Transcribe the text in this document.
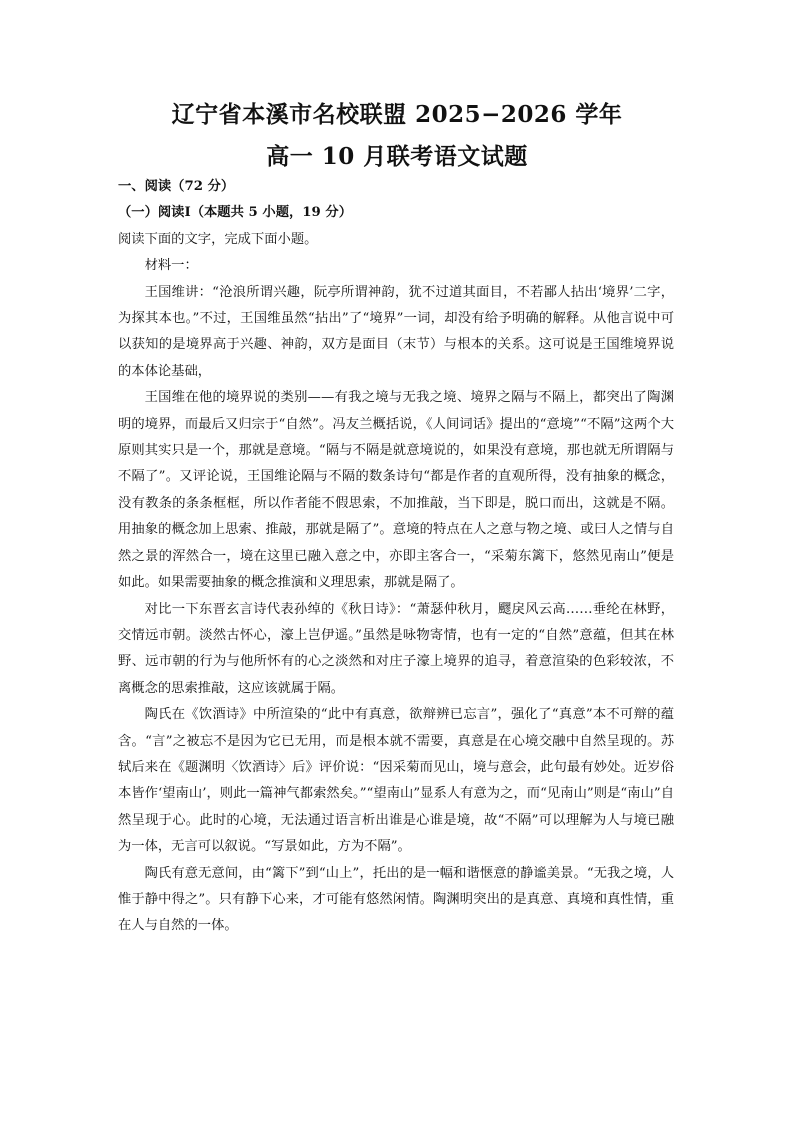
辽宁省本溪市名校联盟 2025−2026 学年
高一 10 月联考语文试题

一、阅读（72 分）

（一）阅读Ⅰ（本题共 5 小题，19 分）

阅读下面的文字，完成下面小题。

材料一：

王国维讲：“沧浪所谓兴趣，阮亭所谓神韵，犹不过道其面目，不若鄙人拈出‘境界’二字，为探其本也。”不过，王国维虽然“拈出”了“境界”一词，却没有给予明确的解释。从他言说中可以获知的是境界高于兴趣、神韵，双方是面目（末节）与根本的关系。这可说是王国维境界说的本体论基础，

王国维在他的境界说的类别——有我之境与无我之境、境界之隔与不隔上，都突出了陶渊明的境界，而最后又归宗于“自然”。冯友兰概括说，《人间词话》提出的“意境”“不隔”这两个大原则其实只是一个，那就是意境。“隔与不隔是就意境说的，如果没有意境，那也就无所谓隔与不隔了”。又评论说，王国维论隔与不隔的数条诗句“都是作者的直观所得，没有抽象的概念，没有教条的条条框框，所以作者能不假思索，不加推敲，当下即是，脱口而出，这就是不隔。用抽象的概念加上思索、推敲，那就是隔了”。意境的特点在人之意与物之境、或曰人之情与自然之景的浑然合一，境在这里已融入意之中，亦即主客合一，“采菊东篱下，悠然见南山”便是如此。如果需要抽象的概念推演和义理思索，那就是隔了。

对比一下东晋玄言诗代表孙绰的《秋日诗》：“萧瑟仲秋月，飂戾风云高……垂纶在林野，交情远市朝。淡然古怀心，濠上岂伊遥。”虽然是咏物寄情，也有一定的“自然”意蕴，但其在林野、远市朝的行为与他所怀有的心之淡然和对庄子濠上境界的追寻，着意渲染的色彩较浓，不离概念的思索推敲，这应该就属于隔。

陶氏在《饮酒诗》中所渲染的“此中有真意，欲辩辨已忘言”，强化了“真意”本不可辩的蕴含。“言”之被忘不是因为它已无用，而是根本就不需要，真意是在心境交融中自然呈现的。苏轼后来在《题渊明〈饮酒诗〉后》评价说：“因采菊而见山，境与意会，此句最有妙处。近岁俗本皆作‘望南山’，则此一篇神气都索然矣。”“望南山”显系人有意为之，而“见南山”则是“南山”自然呈现于心。此时的心境，无法通过语言析出谁是心谁是境，故“不隔”可以理解为人与境已融为一体，无言可以叙说。“写景如此，方为不隔”。

陶氏有意无意间，由“篱下”到“山上”，托出的是一幅和谐惬意的静谧美景。“无我之境，人惟于静中得之”。只有静下心来，才可能有悠然闲情。陶渊明突出的是真意、真境和真性情，重在人与自然的一体。
